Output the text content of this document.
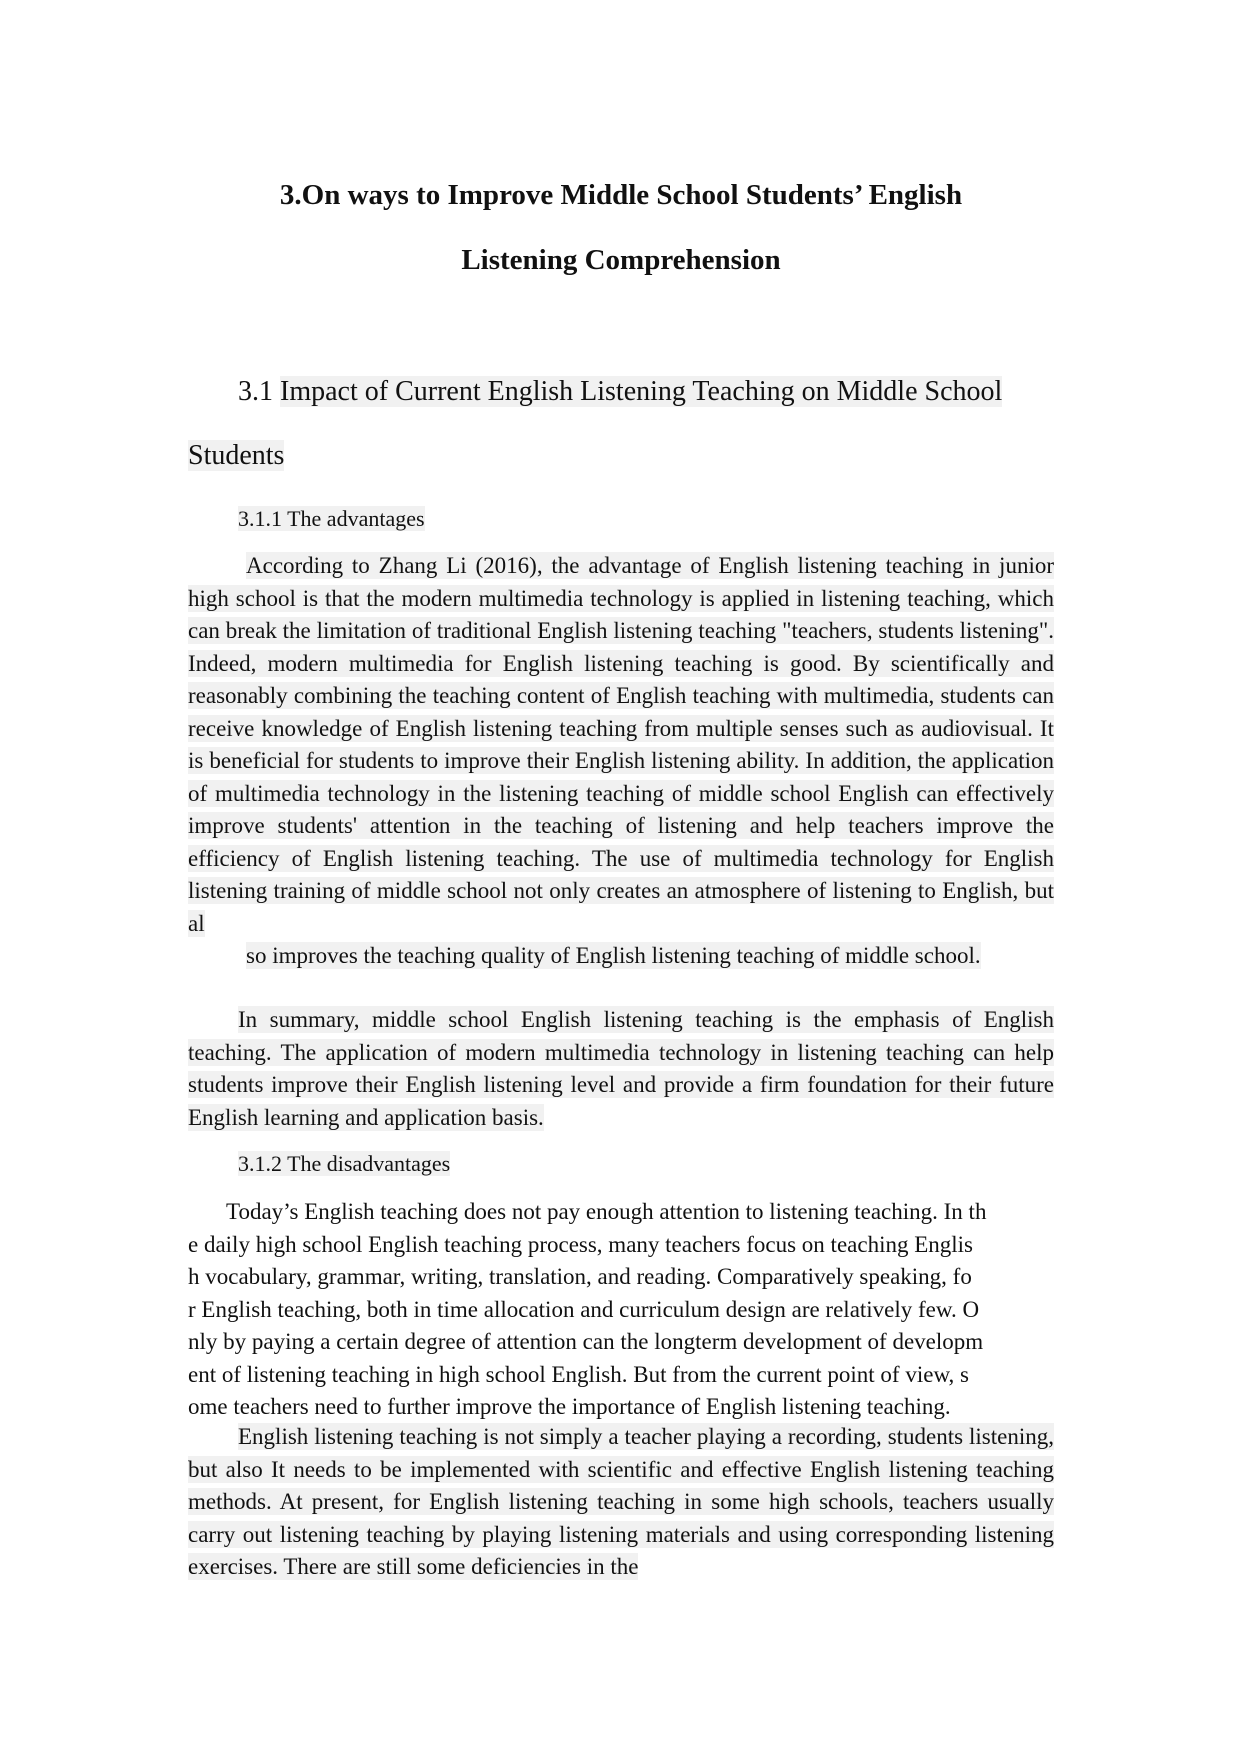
3.On ways to Improve Middle School Students’ English
Listening Comprehension
3.1 Impact of Current English Listening Teaching on Middle School
Students
3.1.1 The advantages

According to Zhang Li (2016), the advantage of English listening teaching in junior high school is that the modern multimedia technology is applied in listening teaching, which can break the limitation of traditional English listening teaching "teachers, students listening". Indeed, modern multimedia for English listening teaching is good. By scientifically and reasonably combining the teaching content of English teaching with multimedia, students can receive knowledge of English listening teaching from multiple senses such as audiovisual. It is beneficial for students to improve their English listening ability. In addition, the application of multimedia technology in the listening teaching of middle school English can effectively improve students' attention in the teaching of listening and help teachers improve the efficiency of English listening teaching. The use of multimedia technology for English listening training of middle school not only creates an atmosphere of listening to English, but al
so improves the teaching quality of English listening teaching of middle school.

In summary, middle school English listening teaching is the emphasis of English teaching. The application of modern multimedia technology in listening teaching can help students improve their English listening level and provide a firm foundation for their future English learning and application basis.

3.1.2 The disadvantages

Today’s English teaching does not pay enough attention to listening teaching. In th
e daily high school English teaching process, many teachers focus on teaching Englis
h vocabulary, grammar, writing, translation, and reading. Comparatively speaking, fo
r English teaching, both in time allocation and curriculum design are relatively few. O
nly by paying a certain degree of attention can the longterm development of developm
ent of listening teaching in high school English. But from the current point of view, s
ome teachers need to further improve the importance of English listening teaching.

English listening teaching is not simply a teacher playing a recording, students listening, but also It needs to be implemented with scientific and effective English listening teaching methods. At present, for English listening teaching in some high schools, teachers usually carry out listening teaching by playing listening materials and using corresponding listening exercises. There are still some deficiencies in the
